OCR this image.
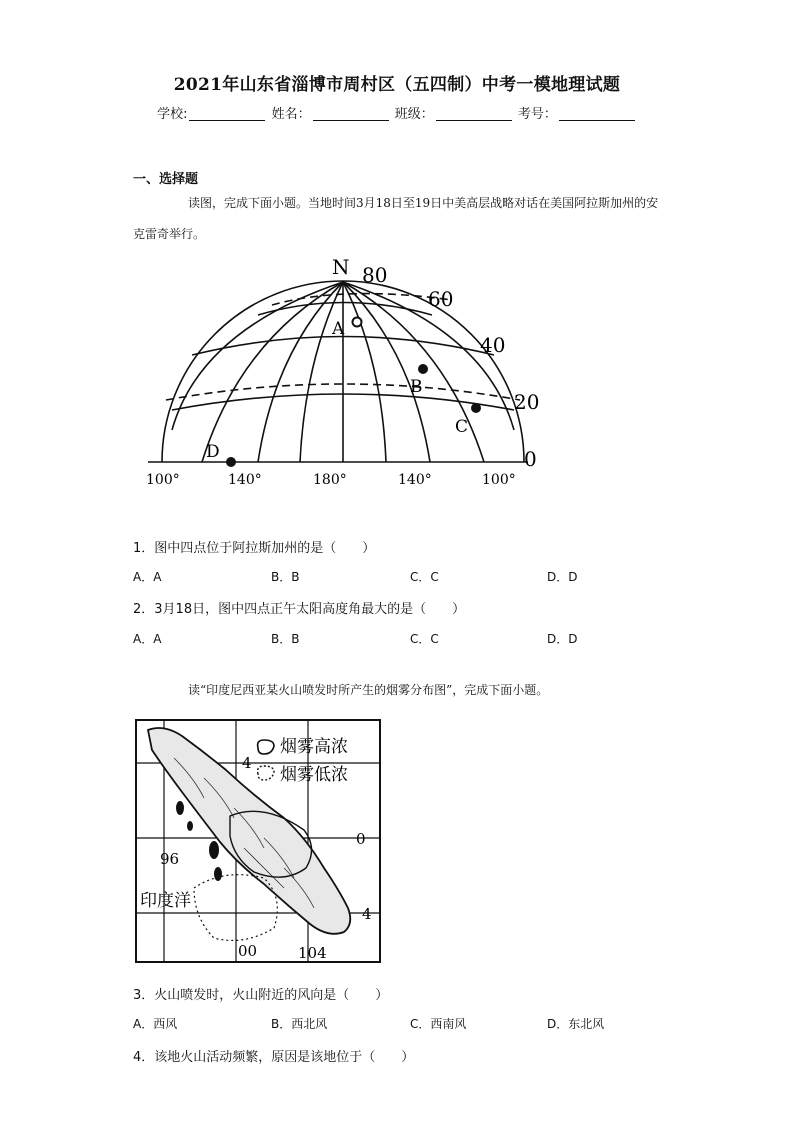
2021年山东省淄博市周村区（五四制）中考一模地理试题
学校:	姓名：	班级：	考号：
一、选择题
读图，完成下面小题。当地时间3月18日至19日中美高层战略对话在美国阿拉斯加州的安克雷奇举行。
N 80
60
40
20
0
A
B
C
D
100°	140°	180°	140°	100°
1．图中四点位于阿拉斯加州的是（　　）
A．A	B．B	C．C	D．D
2．3月18日，图中四点正午太阳高度角最大的是（　　）
A．A	B．B	C．C	D．D
读“印度尼西亚某火山喷发时所产生的烟雾分布图”，完成下面小题。
烟雾高浓
烟雾低浓
4
0
4
96
00	104
印度洋
3．火山喷发时，火山附近的风向是（　　）
A．西风	B．西北风	C．西南风	D．东北风
4．该地火山活动频繁，原因是该地位于（　　）
